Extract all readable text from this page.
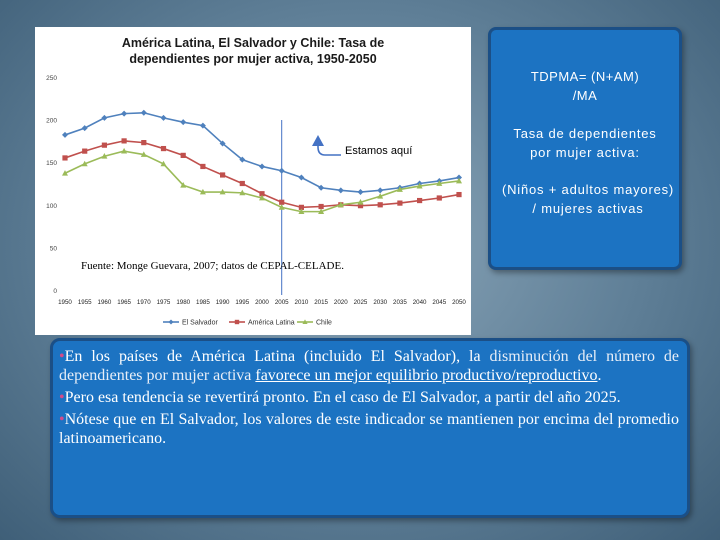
0
50
100
150
200
250
1950 1955 1960 1965 1970 1975 1980 1985 1990 1995 2000 2005 2010 2015 2020 2025 2030 2035 2040 2045 2050
El Salvador	América Latina	Chile
América Latina, El Salvador y Chile: Tasa de
dependientes por mujer activa, 1950-2050
Estamos aquí
Fuente: Monge Guevara, 2007; datos de CEPAL-CELADE.
TDPMA= (N+AM)
/MA
Tasa de dependientes
por mujer activa:
(Niños + adultos mayores) / mujeres activas

•En los países de América Latina (incluido El Salvador), la disminución del número de dependientes por mujer activa favorece un mejor equilibrio productivo/reproductivo.

•Pero esa tendencia se revertirá pronto. En el caso de El Salvador, a partir del año 2025.

•Nótese que en El Salvador, los valores de este indicador se mantienen por encima del promedio latinoamericano.
